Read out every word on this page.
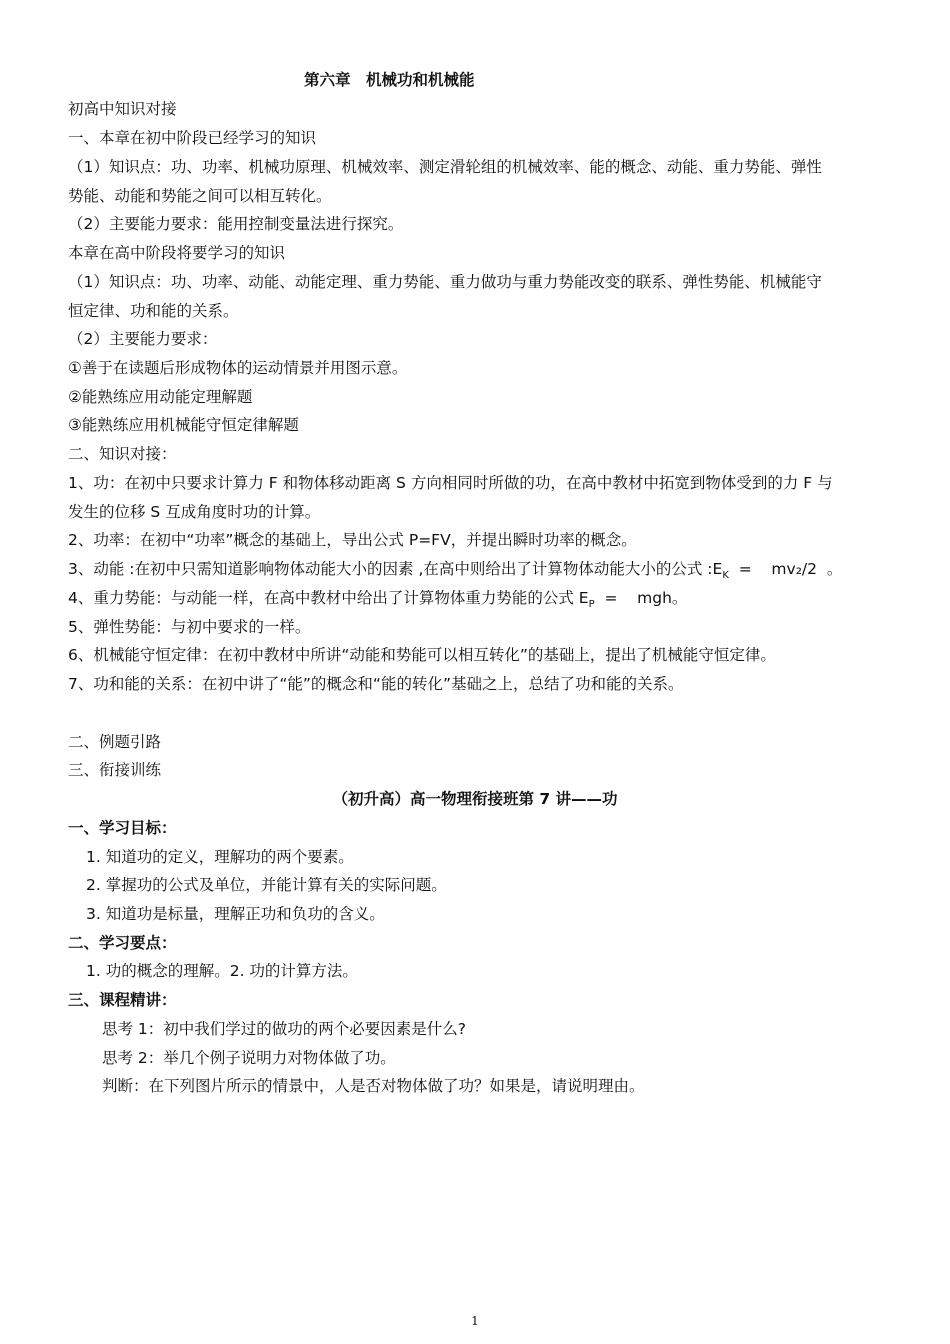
第六章　机械功和机械能
初高中知识对接
一、本章在初中阶段已经学习的知识
（1）知识点：功、功率、机械功原理、机械效率、测定滑轮组的机械效率、能的概念、动能、重力势能、弹性
势能、动能和势能之间可以相互转化。
（2）主要能力要求：能用控制变量法进行探究。
本章在高中阶段将要学习的知识
（1）知识点：功、功率、动能、动能定理、重力势能、重力做功与重力势能改变的联系、弹性势能、机械能守
恒定律、功和能的关系。
（2）主要能力要求：
①善于在读题后形成物体的运动情景并用图示意。
②能熟练应用动能定理解题
③能熟练应用机械能守恒定律解题
二、知识对接：
1、功：在初中只要求计算力 F 和物体移动距离 S 方向相同时所做的功，在高中教材中拓宽到物体受到的力 F 与
发生的位移 S 互成角度时功的计算。
2、功率：在初中“功率”概念的基础上，导出公式 P=FV，并提出瞬时功率的概念。
3、动能 :在初中只需知道影响物体动能大小的因素 ,在高中则给出了计算物体动能大小的公式 $:E_K$  =    mv₂/2  。
4、重力势能：与动能一样，在高中教材中给出了计算物体重力势能的公式 $E_P$  =    mgh。
5、弹性势能：与初中要求的一样。
6、机械能守恒定律：在初中教材中所讲“动能和势能可以相互转化”的基础上，提出了机械能守恒定律。
7、功和能的关系：在初中讲了“能”的概念和“能的转化”基础之上，总结了功和能的关系。
二、例题引路
三、衔接训练
（初升高）高一物理衔接班第 7 讲——功
一、学习目标：
1. 知道功的定义，理解功的两个要素。
2. 掌握功的公式及单位，并能计算有关的实际问题。
3. 知道功是标量，理解正功和负功的含义。
二、学习要点：
1. 功的概念的理解。2. 功的计算方法。
三、课程精讲：
思考 1：初中我们学过的做功的两个必要因素是什么?
思考 2：举几个例子说明力对物体做了功。
判断：在下列图片所示的情景中，人是否对物体做了功？如果是，请说明理由。
1
